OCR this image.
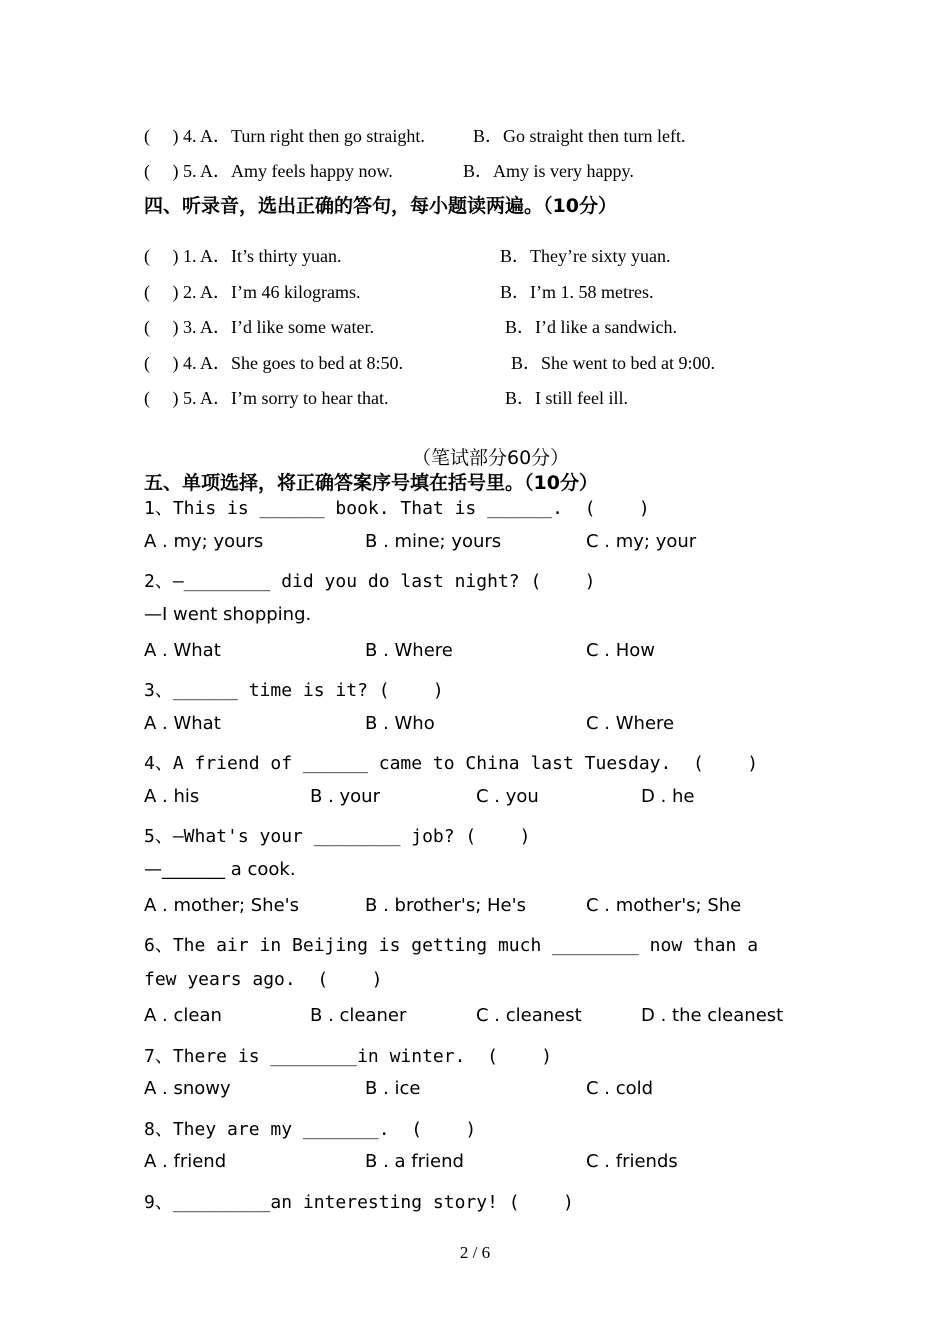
(     ) 4. A．Turn right then go straight.	B．Go straight then turn left.
(     ) 5. A．Amy feels happy now.	B．Amy is very happy.
四、听录音，选出正确的答句，每小题读两遍。（10分）
(     ) 1. A．It’s thirty yuan.	B．They’re sixty yuan.
(     ) 2. A．I’m 46 kilograms.	B．I’m 1. 58 metres.
(     ) 3. A．I’d like some water.	B．I’d like a sandwich.
(     ) 4. A．She goes to bed at 8:50.	B．She went to bed at 9:00.
(     ) 5. A．I’m sorry to hear that.	B．I still feel ill.
（笔试部分60分）
五、单项选择，将正确答案序号填在括号里。（10分）
1、This is ______ book. That is ______.  (    )
A . my; yours	B . mine; yours	C . my; your
2、—________ did you do last night? (    )
—I went shopping.
A . What	B . Where	C . How
3、______ time is it? (    )
A . What	B . Who	C . Where
4、A friend of ______ came to China last Tuesday.  (    )
A . his	B . your	C . you	D . he
5、—What's your ________ job? (    )
—_______ a cook.
A . mother; She's	B . brother's; He's	C . mother's; She
6、The air in Beijing is getting much ________ now than a
few years ago.  (    )
A . clean	B . cleaner	C . cleanest	D . the cleanest
7、There is ________in winter.  (    )
A . snowy	B . ice	C . cold
8、They are my _______.  (    )
A . friend	B . a friend	C . friends
9、_________an interesting story! (    )
2 / 6
